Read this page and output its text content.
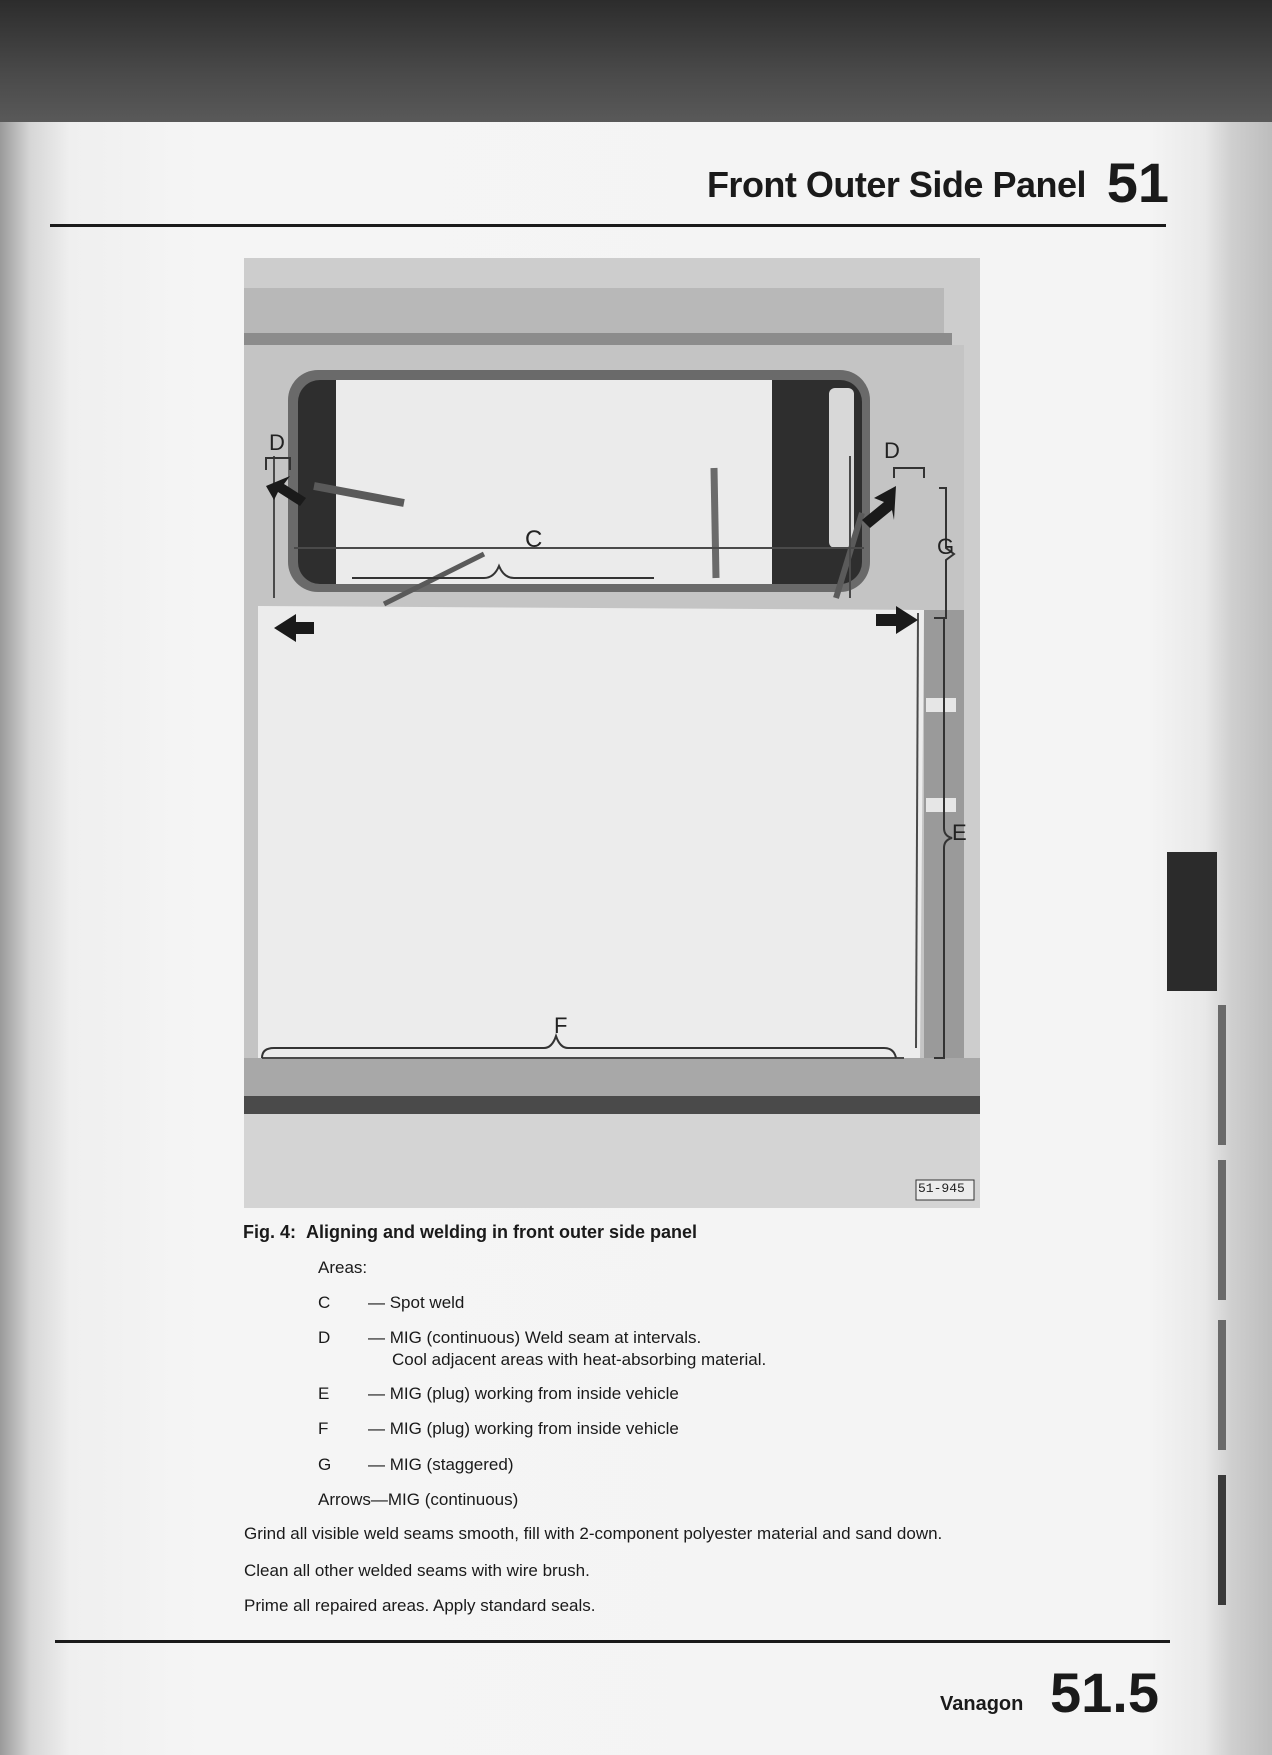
Front Outer Side Panel 51
C
D	D
E
F
G
51-945
Fig. 4: Aligning and welding in front outer side panel
Areas:
C — Spot weld
D — MIG (continuous) Weld seam at intervals.
Cool adjacent areas with heat-absorbing material.
E — MIG (plug) working from inside vehicle
F — MIG (plug) working from inside vehicle
G — MIG (staggered)
Arrows—MIG (continuous)
Grind all visible weld seams smooth, fill with 2-component polyester material and sand down.
Clean all other welded seams with wire brush.
Prime all repaired areas. Apply standard seals.
Vanagon 51.5
